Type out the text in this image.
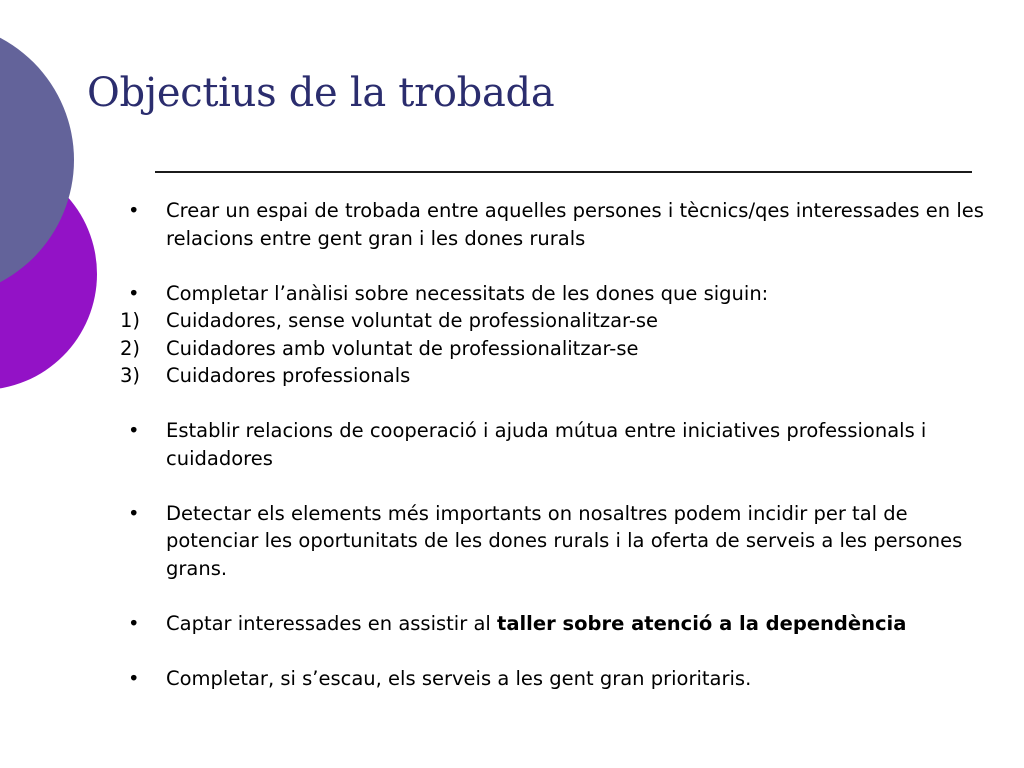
Objectius de la trobada
•	Crear un espai de trobada entre aquelles persones i tècnics/qes interessades en les relacions entre gent gran i les dones rurals
•	Completar l’anàlisi sobre necessitats de les dones que siguin:
1)	Cuidadores, sense voluntat de professionalitzar-se
2)	Cuidadores amb voluntat de professionalitzar-se
3)	Cuidadores professionals
•	Establir relacions de cooperació i ajuda mútua entre iniciatives professionals i cuidadores
•	Detectar els elements més importants on nosaltres podem incidir per tal de potenciar les oportunitats de les dones rurals i la oferta de serveis a les persones grans.
•	Captar interessades en assistir al taller sobre atenció a la dependència
•	Completar, si s’escau, els serveis a les gent gran prioritaris.
